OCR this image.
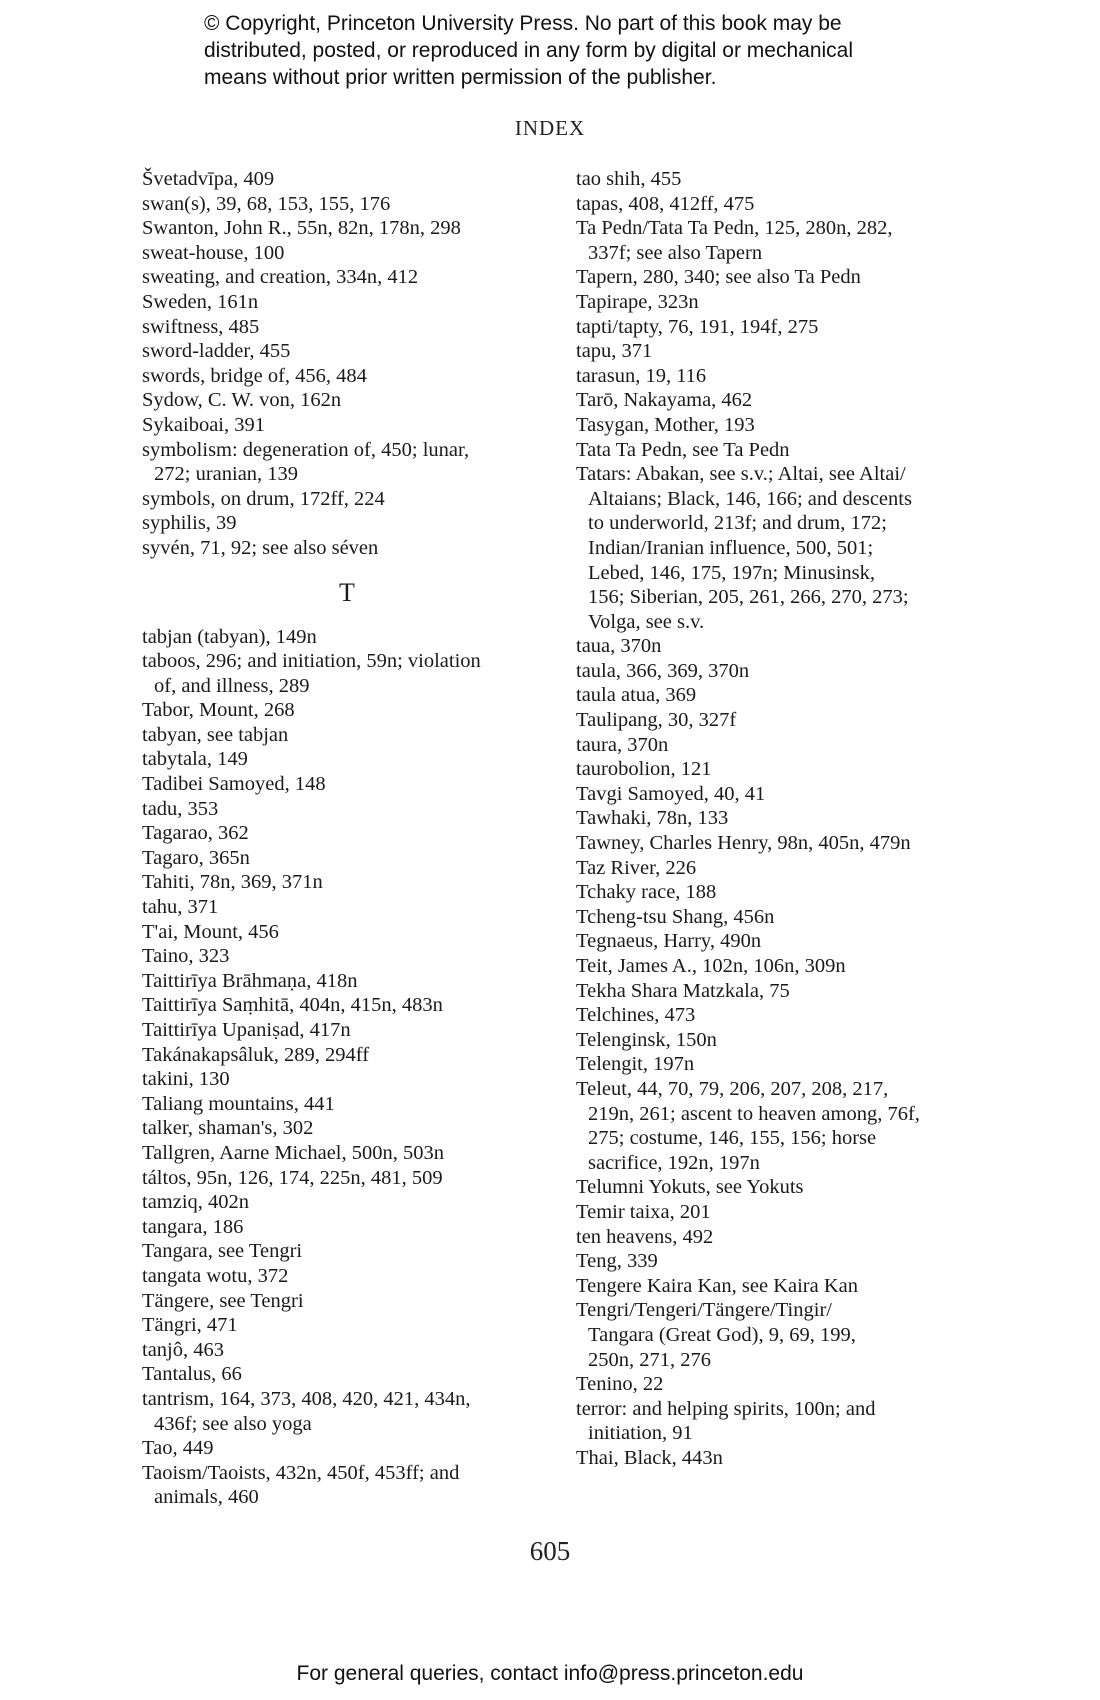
© Copyright, Princeton University Press. No part of this book may be
distributed, posted, or reproduced in any form by digital or mechanical
means without prior written permission of the publisher.
INDEX
Švetadvīpa, 409
swan(s), 39, 68, 153, 155, 176
Swanton, John R., 55n, 82n, 178n, 298
sweat-house, 100
sweating, and creation, 334n, 412
Sweden, 161n
swiftness, 485
sword-ladder, 455
swords, bridge of, 456, 484
Sydow, C. W. von, 162n
Sykaiboai, 391
symbolism: degeneration of, 450; lunar,
272; uranian, 139
symbols, on drum, 172ff, 224
syphilis, 39
syvén, 71, 92; see also séven
T
tabjan (tabyan), 149n
taboos, 296; and initiation, 59n; violation
of, and illness, 289
Tabor, Mount, 268
tabyan, see tabjan
tabytala, 149
Tadibei Samoyed, 148
tadu, 353
Tagarao, 362
Tagaro, 365n
Tahiti, 78n, 369, 371n
tahu, 371
T'ai, Mount, 456
Taino, 323
Taittirīya Brāhmaṇa, 418n
Taittirīya Saṃhitā, 404n, 415n, 483n
Taittirīya Upaniṣad, 417n
Takánakapsâluk, 289, 294ff
takini, 130
Taliang mountains, 441
talker, shaman's, 302
Tallgren, Aarne Michael, 500n, 503n
táltos, 95n, 126, 174, 225n, 481, 509
tamziq, 402n
tangara, 186
Tangara, see Tengri
tangata wotu, 372
Tängere, see Tengri
Tängri, 471
tanjô, 463
Tantalus, 66
tantrism, 164, 373, 408, 420, 421, 434n,
436f; see also yoga
Tao, 449
Taoism/Taoists, 432n, 450f, 453ff; and
animals, 460
tao shih, 455
tapas, 408, 412ff, 475
Ta Pedn/Tata Ta Pedn, 125, 280n, 282,
337f; see also Tapern
Tapern, 280, 340; see also Ta Pedn
Tapirape, 323n
tapti/tapty, 76, 191, 194f, 275
tapu, 371
tarasun, 19, 116
Tarō, Nakayama, 462
Tasygan, Mother, 193
Tata Ta Pedn, see Ta Pedn
Tatars: Abakan, see s.v.; Altai, see Altai/
Altaians; Black, 146, 166; and descents
to underworld, 213f; and drum, 172;
Indian/Iranian influence, 500, 501;
Lebed, 146, 175, 197n; Minusinsk,
156; Siberian, 205, 261, 266, 270, 273;
Volga, see s.v.
taua, 370n
taula, 366, 369, 370n
taula atua, 369
Taulipang, 30, 327f
taura, 370n
taurobolion, 121
Tavgi Samoyed, 40, 41
Tawhaki, 78n, 133
Tawney, Charles Henry, 98n, 405n, 479n
Taz River, 226
Tchaky race, 188
Tcheng-tsu Shang, 456n
Tegnaeus, Harry, 490n
Teit, James A., 102n, 106n, 309n
Tekha Shara Matzkala, 75
Telchines, 473
Telenginsk, 150n
Telengit, 197n
Teleut, 44, 70, 79, 206, 207, 208, 217,
219n, 261; ascent to heaven among, 76f,
275; costume, 146, 155, 156; horse
sacrifice, 192n, 197n
Telumni Yokuts, see Yokuts
Temir taixa, 201
ten heavens, 492
Teng, 339
Tengere Kaira Kan, see Kaira Kan
Tengri/Tengeri/Tängere/Tingir/
Tangara (Great God), 9, 69, 199,
250n, 271, 276
Tenino, 22
terror: and helping spirits, 100n; and
initiation, 91
Thai, Black, 443n
605
For general queries, contact info@press.princeton.edu
